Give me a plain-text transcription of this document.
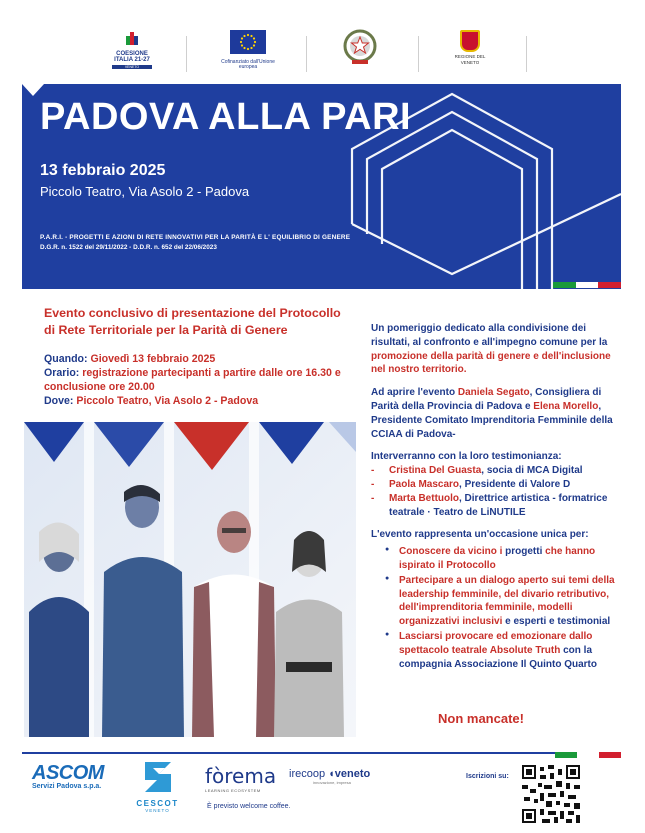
COESIONE ITALIA 21-27
VENETO
Cofinanziato dall'Unione europea
REGIONE DEL VENETO
PADOVA ALLA PARI
13 febbraio 2025
Piccolo Teatro, Via Asolo 2 - Padova
P.A.R.I. - PROGETTI E AZIONI DI RETE INNOVATIVI PER LA PARITÀ E L' EQUILIBRIO DI GENERE
D.G.R. n. 1522 del 29/11/2022 - D.D.R. n. 652 del 22/06/2023
Evento conclusivo di presentazione del Protocollo
di Rete Territoriale per la Parità di Genere
Quando: Giovedì 13 febbraio 2025
Orario: registrazione partecipanti a partire dalle ore 16.30 e conclusione ore 20.00
Dove: Piccolo Teatro, Via Asolo 2 - Padova

Un pomeriggio dedicato alla condivisione dei risultati, al confronto e all'impegno comune per la promozione della parità di genere e dell'inclusione nel nostro territorio.

Ad aprire l'evento Daniela Segato, Consigliera di Parità della Provincia di Padova e Elena Morello, Presidente Comitato Imprenditoria Femminile della CCIAA di Padova-

Interverranno con la loro testimonianza:
- Cristina Del Guasta, socia di MCA Digital
- Paola Mascaro, Presidente di Valore D
- Marta Bettuolo, Direttrice artistica - formatrice teatrale · Teatro de LiNUTILE
L'evento rappresenta un'occasione unica per:
● Conoscere da vicino i progetti che hanno ispirato il Protocollo
● Partecipare a un dialogo aperto sui temi della leadership femminile, del divario retributivo, dell'imprenditoria femminile, modelli organizzativi inclusivi e esperti e testimonial
● Lasciarsi provocare ed emozionare dallo spettacolo teatrale Absolute Truth con la compagnia Associazione Il Quinto Quarto
Non mancate!
ASCOM
Servizi Padova s.p.a.
CESCOT
VENETO
fòrema
LEARNING ECOSYSTEM
È previsto welcome coffee.
irecoop ◖veneto
innovazione, impresa
Iscrizioni su:
